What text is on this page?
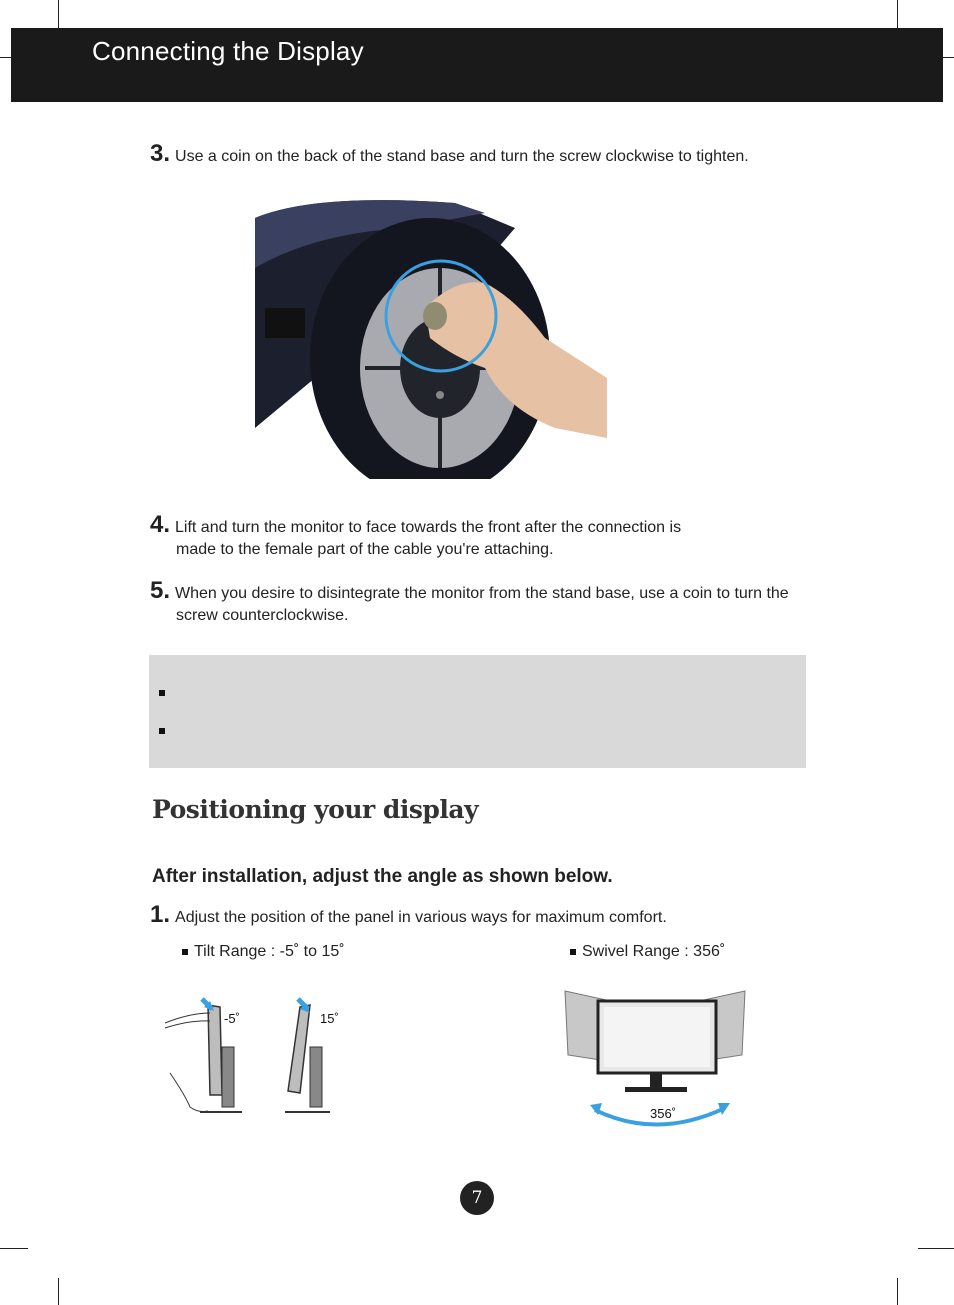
Connecting the Display
3. Use a coin on the back of the stand base and turn the screw clockwise to tighten.
4. Lift and turn the monitor to face towards the front after the connection is
made to the female part of the cable you're attaching.
5. When you desire to disintegrate the monitor from the stand base, use a coin to turn the
screw counterclockwise.
Positioning your display
After installation, adjust the angle as shown below.
1. Adjust the position of the panel in various ways for maximum comfort.
Tilt Range : -5˚ to 15˚	Swivel Range : 356˚
-5˚	15˚
356˚
7
